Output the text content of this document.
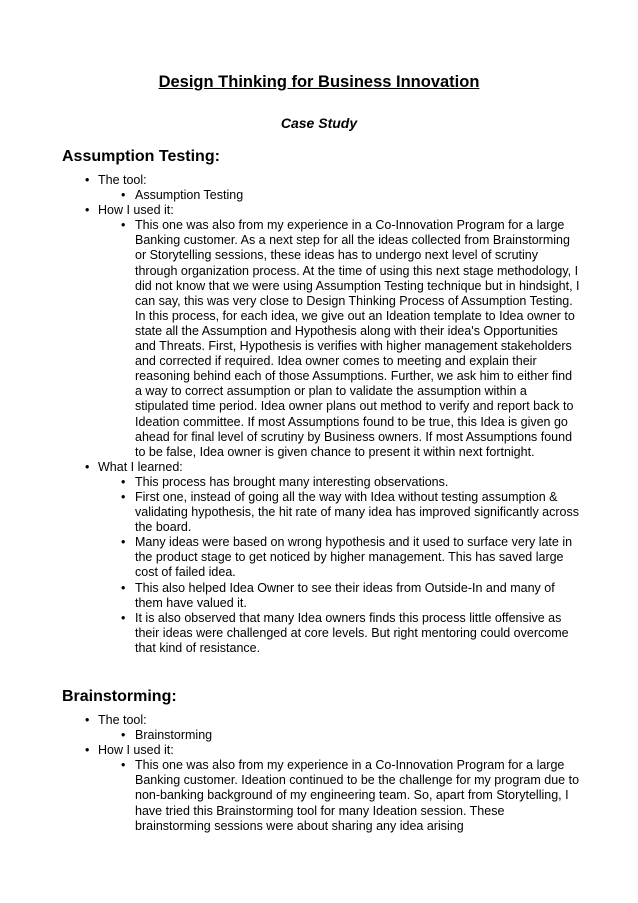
Design Thinking for Business Innovation
Case Study
Assumption Testing:
• The tool:
• Assumption Testing
• How I used it:
• This one was also from my experience in a Co-Innovation Program for a large Banking customer. As a next step for all the ideas collected from Brainstorming or Storytelling sessions, these ideas has to undergo next level of scrutiny through organization process. At the time of using this next stage methodology, I did not know that we were using Assumption Testing technique but in hindsight, I can say, this was very close to Design Thinking Process of Assumption Testing. In this process, for each idea, we give out an Ideation template to Idea owner to state all the Assumption and Hypothesis along with their idea's Opportunities and Threats. First, Hypothesis is verifies with higher management stakeholders and corrected if required. Idea owner comes to meeting and explain their reasoning behind each of those Assumptions. Further, we ask him to either find a way to correct assumption or plan to validate the assumption within a stipulated time period. Idea owner plans out method to verify and report back to Ideation committee. If most Assumptions found to be true, this Idea is given go ahead for final level of scrutiny by Business owners. If most Assumptions found to be false, Idea owner is given chance to present it within next fortnight.
• What I learned:
• This process has brought many interesting observations.
• First one, instead of going all the way with Idea without testing assumption & validating hypothesis, the hit rate of many idea has improved significantly across the board.
• Many ideas were based on wrong hypothesis and it used to surface very late in the product stage to get noticed by higher management. This has saved large cost of failed idea.
• This also helped Idea Owner to see their ideas from Outside-In and many of them have valued it.
• It is also observed that many Idea owners finds this process little offensive as their ideas were challenged at core levels. But right mentoring could overcome that kind of resistance.
Brainstorming:
• The tool:
• Brainstorming
• How I used it:
• This one was also from my experience in a Co-Innovation Program for a large Banking customer. Ideation continued to be the challenge for my program due to non-banking background of my engineering team. So, apart from Storytelling, I have tried this Brainstorming tool for many Ideation session. These brainstorming sessions were about sharing any idea arising
